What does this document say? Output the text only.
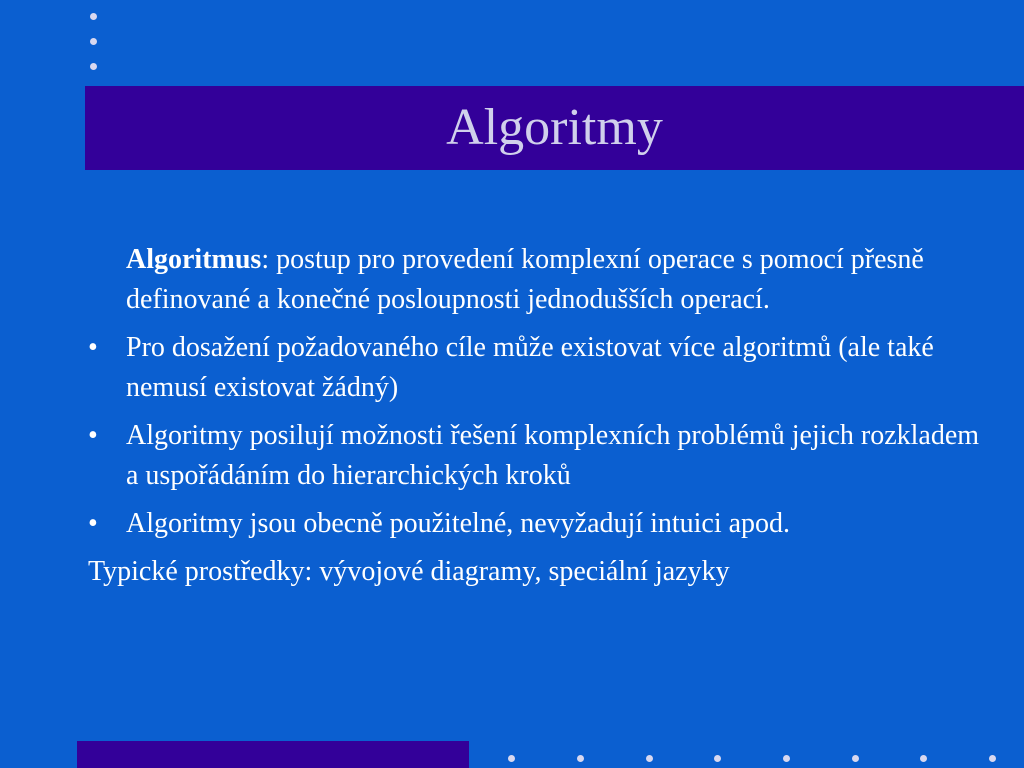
Algoritmy
Algoritmus: postup pro provedení komplexní operace s pomocí přesně definované a konečné posloupnosti jednodušších operací.
• Pro dosažení požadovaného cíle může existovat více algoritmů (ale také nemusí existovat žádný)
• Algoritmy posilují možnosti řešení komplexních problémů jejich rozkladem a uspořádáním do hierarchických kroků
• Algoritmy jsou obecně použitelné, nevyžadují intuici apod.
Typické prostředky: vývojové diagramy, speciální jazyky
